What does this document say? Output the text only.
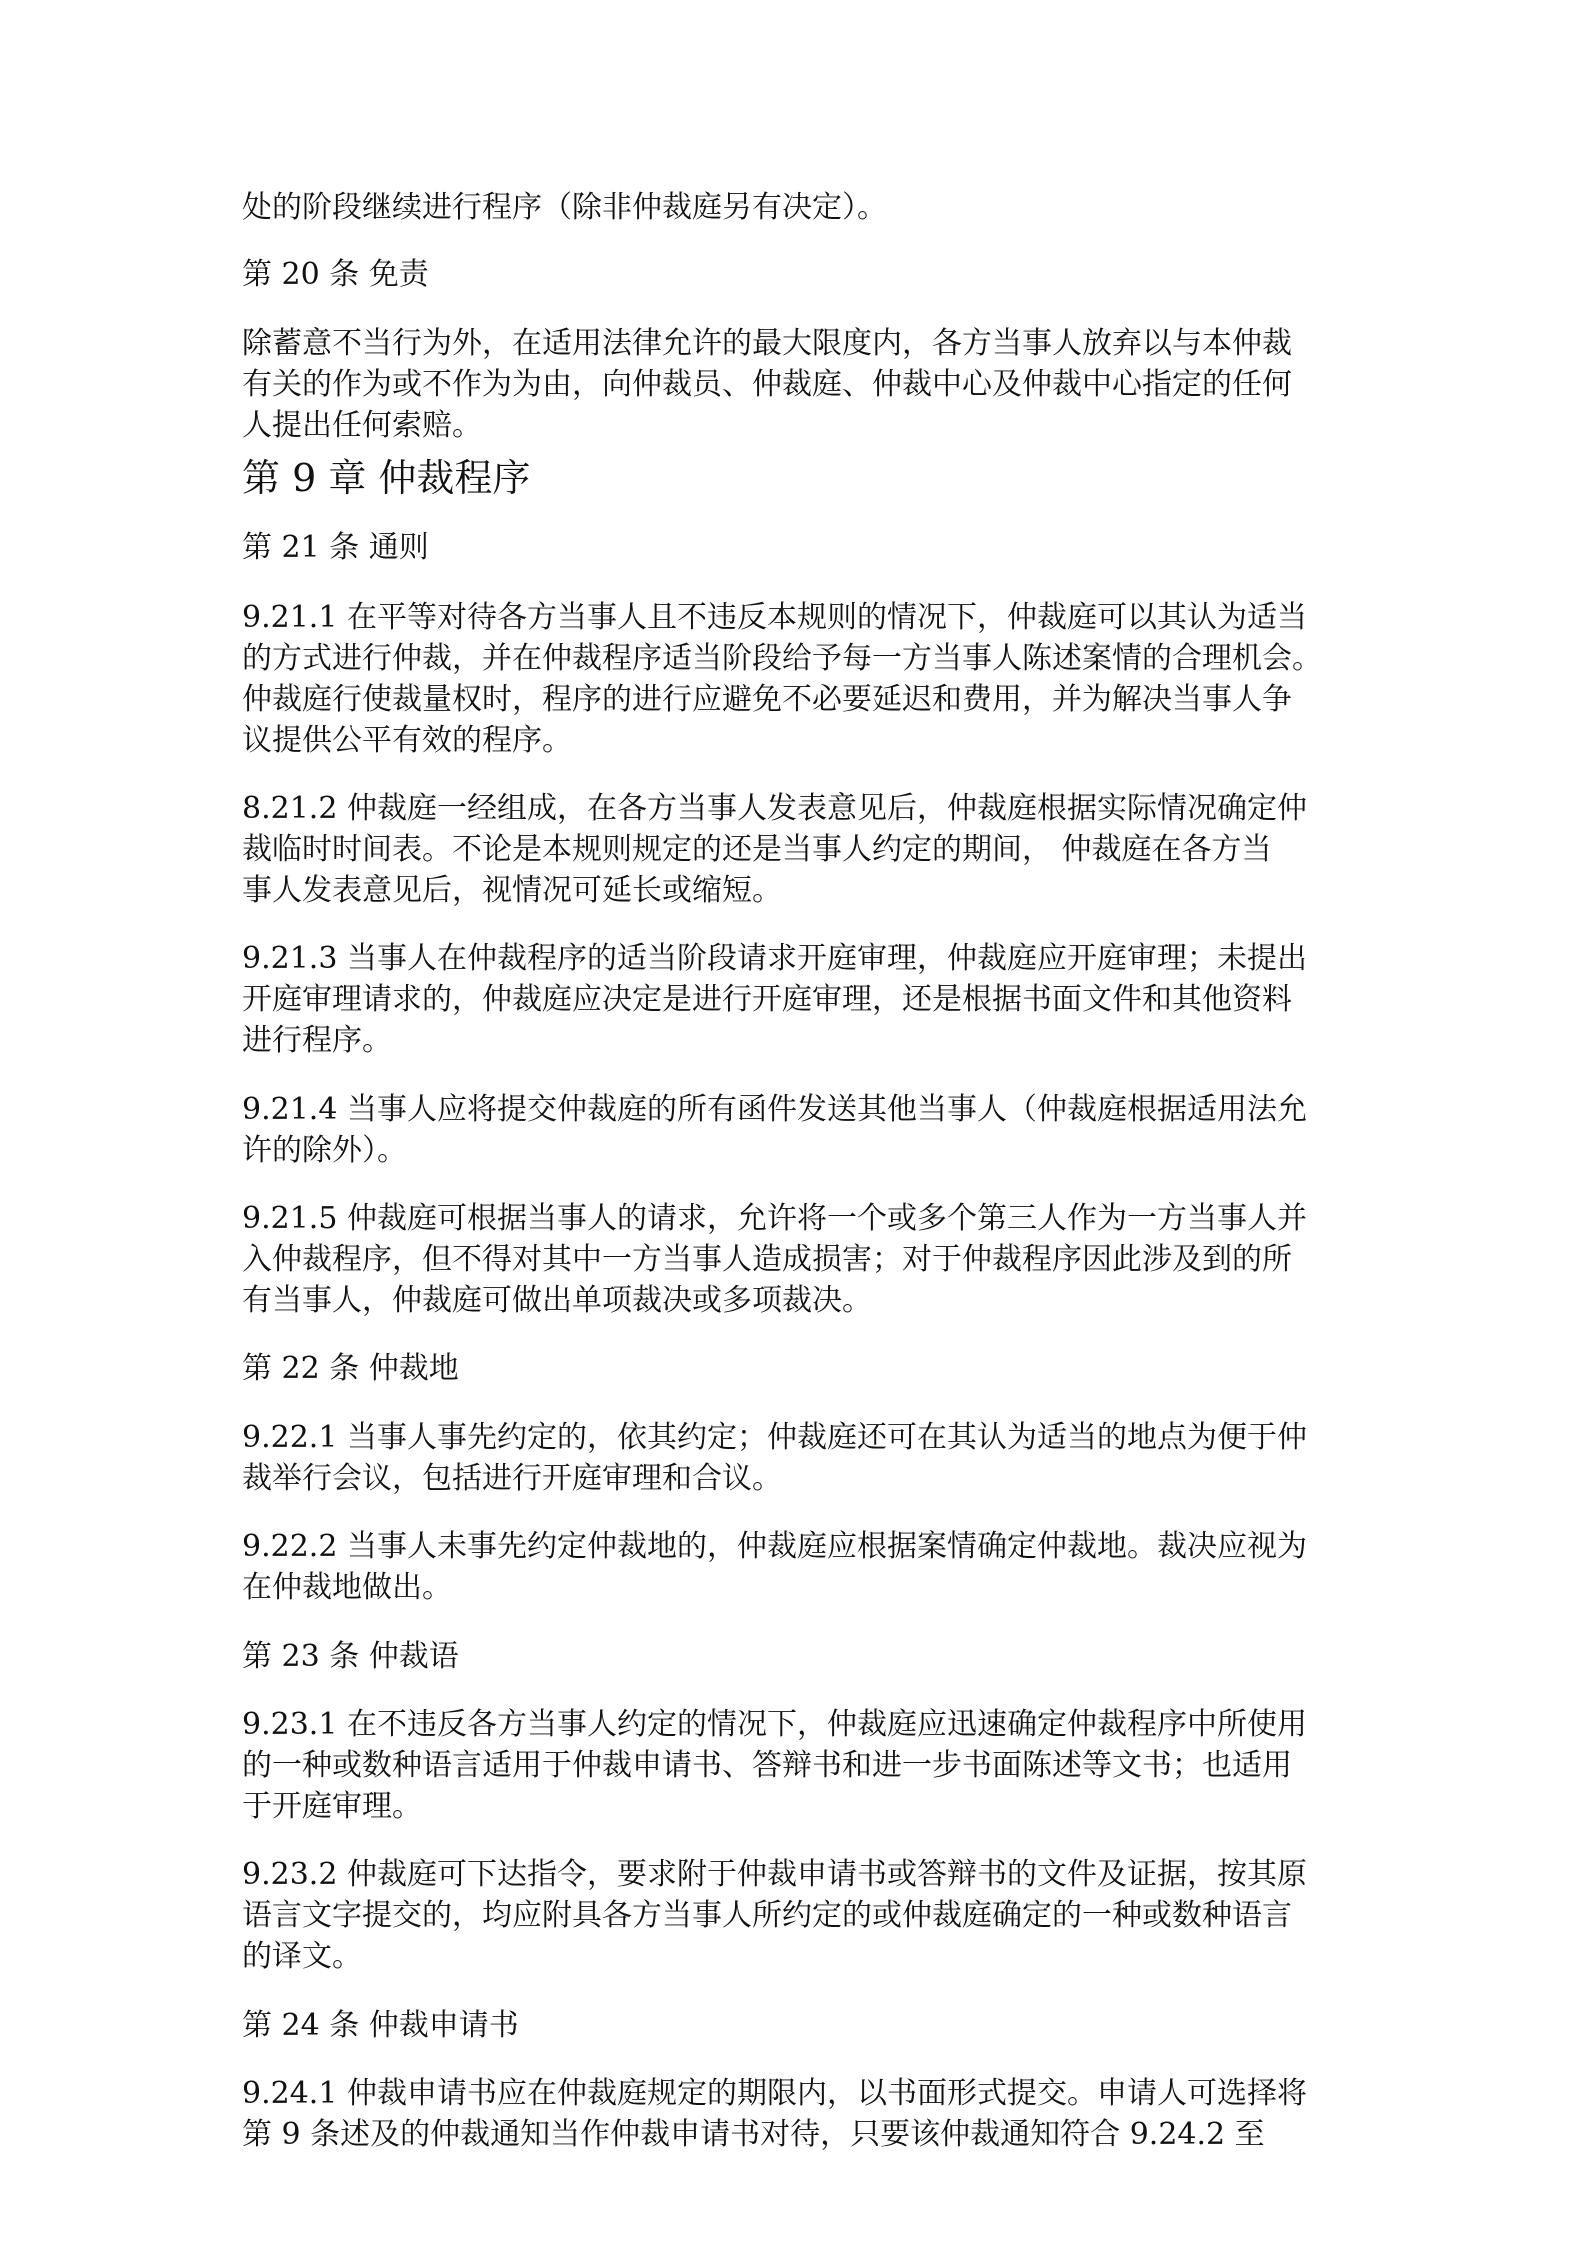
处的阶段继续进行程序（除非仲裁庭另有决定）。
第 20 条 免责
除蓄意不当行为外，在适用法律允许的最大限度内，各方当事人放弃以与本仲裁
有关的作为或不作为为由，向仲裁员、仲裁庭、仲裁中心及仲裁中心指定的任何
人提出任何索赔。
第 9 章 仲裁程序
第 21 条 通则
9.21.1 在平等对待各方当事人且不违反本规则的情况下，仲裁庭可以其认为适当
的方式进行仲裁，并在仲裁程序适当阶段给予每一方当事人陈述案情的合理机会。
仲裁庭行使裁量权时，程序的进行应避免不必要延迟和费用，并为解决当事人争
议提供公平有效的程序。
8.21.2 仲裁庭一经组成，在各方当事人发表意见后，仲裁庭根据实际情况确定仲
裁临时时间表。不论是本规则规定的还是当事人约定的期间， 仲裁庭在各方当
事人发表意见后，视情况可延长或缩短。
9.21.3 当事人在仲裁程序的适当阶段请求开庭审理，仲裁庭应开庭审理；未提出
开庭审理请求的，仲裁庭应决定是进行开庭审理，还是根据书面文件和其他资料
进行程序。
9.21.4 当事人应将提交仲裁庭的所有函件发送其他当事人（仲裁庭根据适用法允
许的除外）。
9.21.5 仲裁庭可根据当事人的请求，允许将一个或多个第三人作为一方当事人并
入仲裁程序，但不得对其中一方当事人造成损害；对于仲裁程序因此涉及到的所
有当事人，仲裁庭可做出单项裁决或多项裁决。
第 22 条 仲裁地
9.22.1 当事人事先约定的，依其约定；仲裁庭还可在其认为适当的地点为便于仲
裁举行会议，包括进行开庭审理和合议。
9.22.2 当事人未事先约定仲裁地的，仲裁庭应根据案情确定仲裁地。裁决应视为
在仲裁地做出。
第 23 条 仲裁语
9.23.1 在不违反各方当事人约定的情况下，仲裁庭应迅速确定仲裁程序中所使用
的一种或数种语言适用于仲裁申请书、答辩书和进一步书面陈述等文书；也适用
于开庭审理。
9.23.2 仲裁庭可下达指令，要求附于仲裁申请书或答辩书的文件及证据，按其原
语言文字提交的，均应附具各方当事人所约定的或仲裁庭确定的一种或数种语言
的译文。
第 24 条 仲裁申请书
9.24.1 仲裁申请书应在仲裁庭规定的期限内，以书面形式提交。申请人可选择将
第 9 条述及的仲裁通知当作仲裁申请书对待，只要该仲裁通知符合 9.24.2 至
